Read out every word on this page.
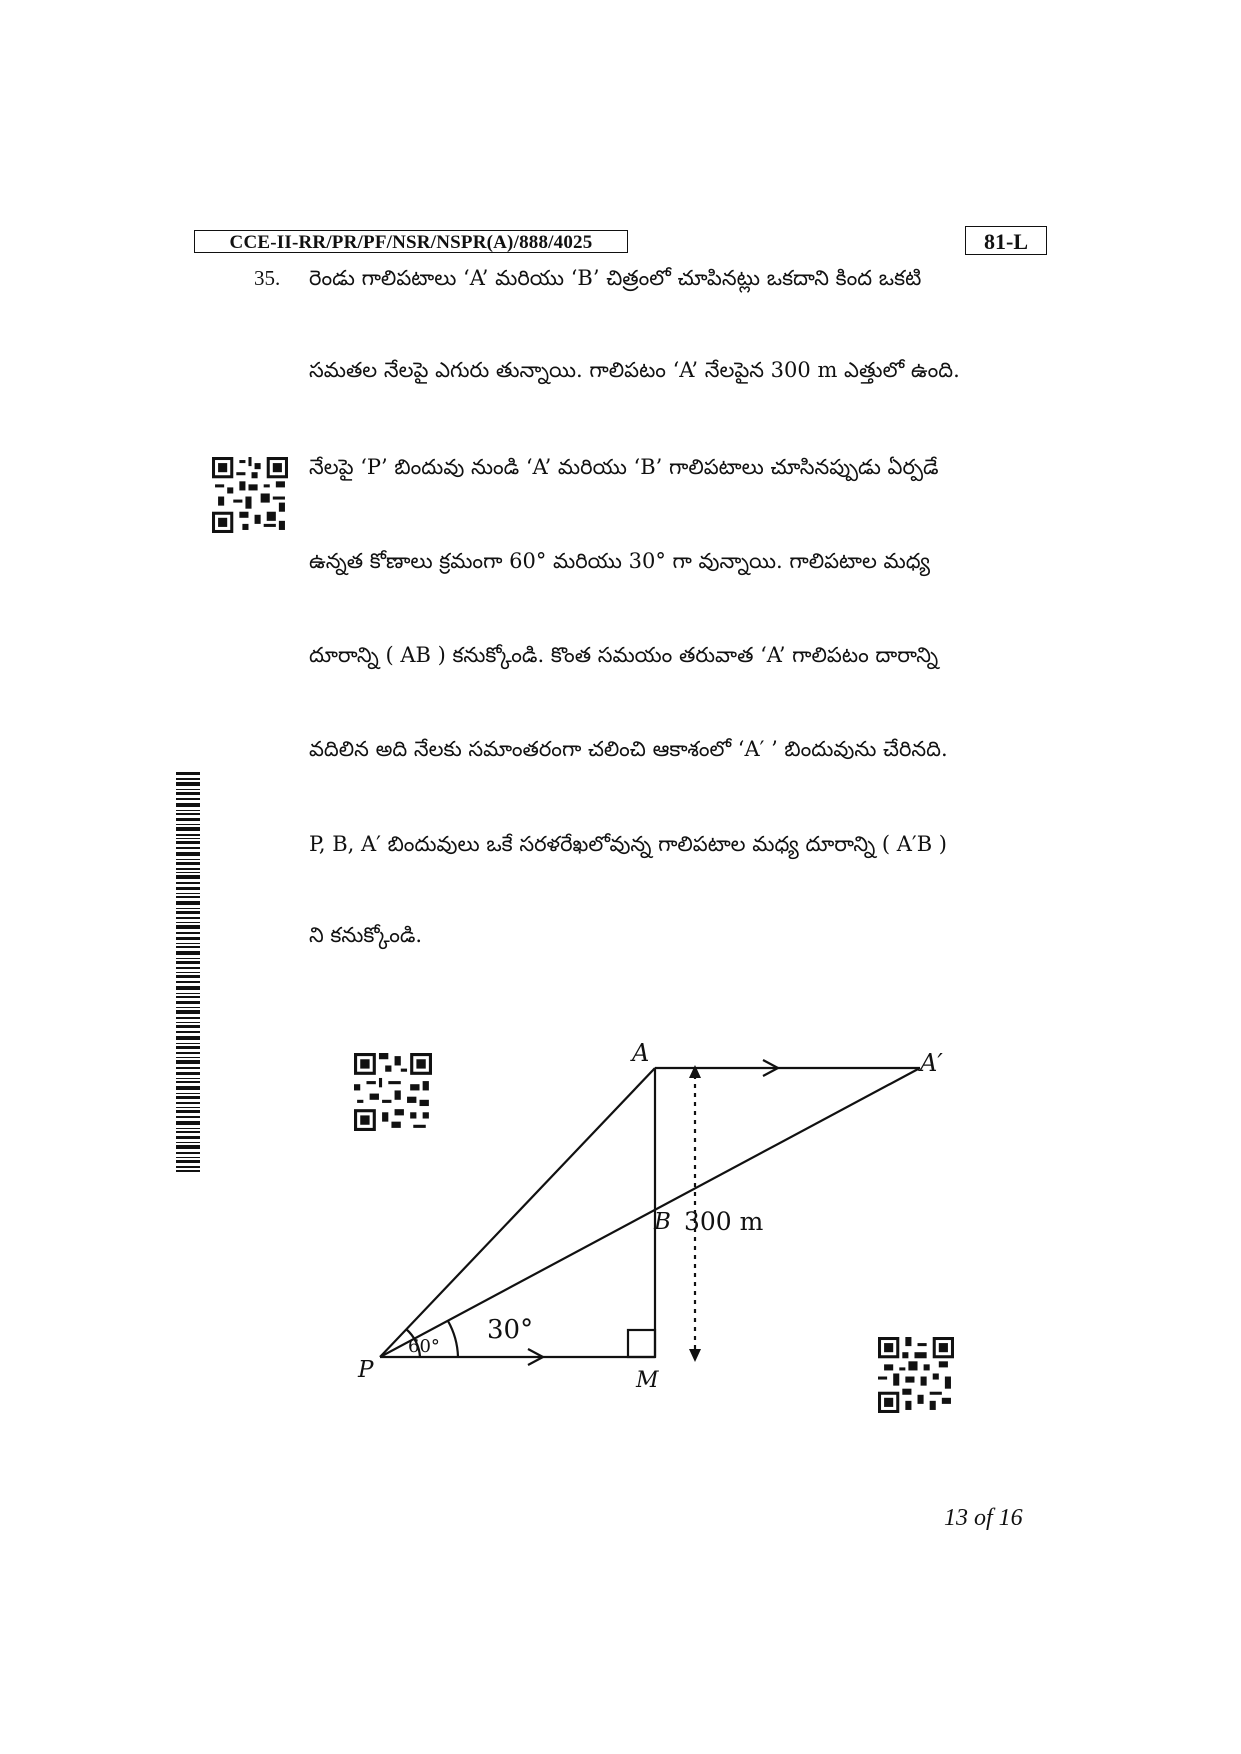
CCE-II-RR/PR/PF/NSR/NSPR(A)/888/4025	81-L
35. రెండు గాలిపటాలు ‘A’ మరియు ‘B’ చిత్రంలో చూపినట్లు ఒకదాని కింద ఒకటి
సమతల నేలపై ఎగురు తున్నాయి. గాలిపటం ‘A’ నేలపైన 300 m ఎత్తులో ఉంది.
నేలపై ‘P’ బిందువు నుండి ‘A’ మరియు ‘B’ గాలిపటాలు చూసినప్పుడు ఏర్పడే
ఉన్నత కోణాలు క్రమంగా 60° మరియు 30° గా వున్నాయి. గాలిపటాల మధ్య
దూరాన్ని ( AB ) కనుక్కోండి. కొంత సమయం తరువాత ‘A’ గాలిపటం దారాన్ని
వదిలిన అది నేలకు సమాంతరంగా చలించి ఆకాశంలో ‘A′ ’ బిందువును చేరినది.
P, B, A′ బిందువులు ఒకే సరళరేఖలోవున్న గాలిపటాల మధ్య దూరాన్ని ( A′B )
ని కనుక్కోండి.
A	A′
B
P	M
300 m
60°
30°
13 of 16
